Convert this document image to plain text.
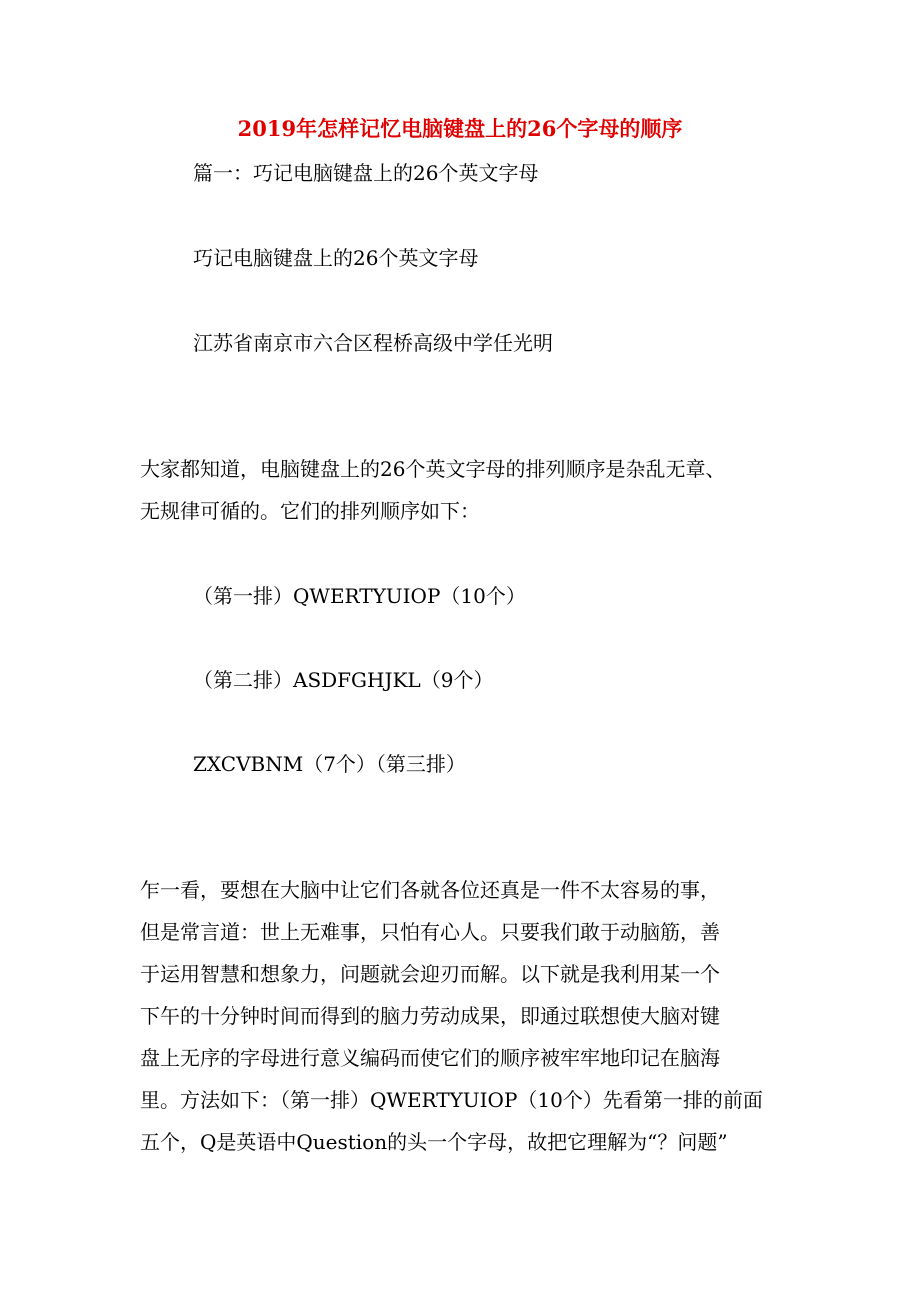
2019年怎样记忆电脑键盘上的26个字母的顺序
篇一：巧记电脑键盘上的26个英文字母
巧记电脑键盘上的26个英文字母
江苏省南京市六合区程桥高级中学任光明
大家都知道，电脑键盘上的26个英文字母的排列顺序是杂乱无章、
无规律可循的。它们的排列顺序如下：
（第一排）QWERTYUIOP（10个）
（第二排）ASDFGHJKL（9个）
ZXCVBNM（7个）（第三排）
乍一看，要想在大脑中让它们各就各位还真是一件不太容易的事，
但是常言道：世上无难事，只怕有心人。只要我们敢于动脑筋，善
于运用智慧和想象力，问题就会迎刃而解。以下就是我利用某一个
下午的十分钟时间而得到的脑力劳动成果，即通过联想使大脑对键
盘上无序的字母进行意义编码而使它们的顺序被牢牢地印记在脑海
里。方法如下：（第一排）QWERTYUIOP（10个）先看第一排的前面
五个，Q是英语中Question的头一个字母，故把它理解为“？问题”
